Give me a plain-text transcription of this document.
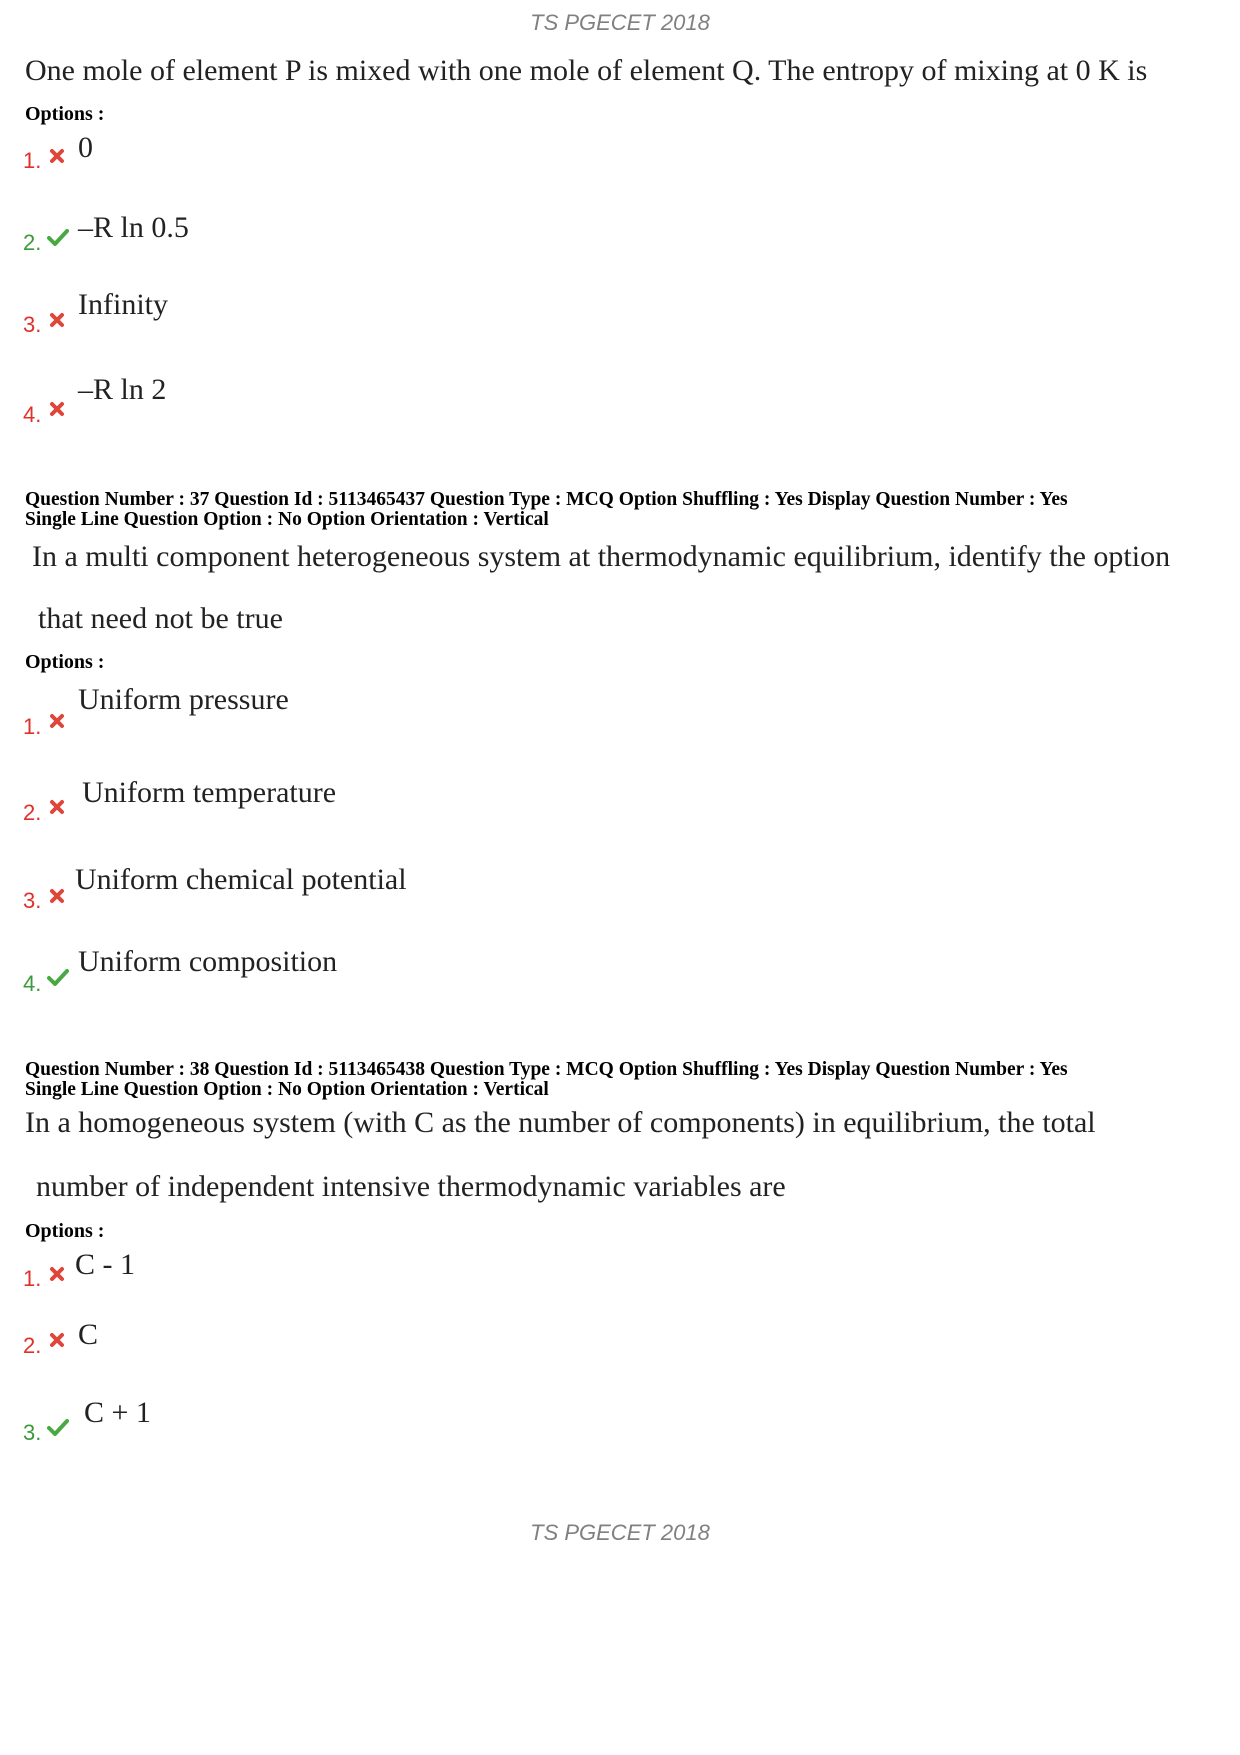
TS PGECET 2018
One mole of element P is mixed with one mole of element Q. The entropy of mixing at 0 K is
Options :
1. 0
2. –R ln 0.5
3.
Infinity
4.
–R ln 2
Question Number : 37 Question Id : 5113465437 Question Type : MCQ Option Shuffling : Yes Display Question Number : Yes
Single Line Question Option : No Option Orientation : Vertical
In a multi component heterogeneous system at thermodynamic equilibrium, identify the option
that need not be true
Options :
1.
Uniform pressure
2.
Uniform temperature
3.
Uniform chemical potential
4.
Uniform composition
Question Number : 38 Question Id : 5113465438 Question Type : MCQ Option Shuffling : Yes Display Question Number : Yes
Single Line Question Option : No Option Orientation : Vertical
In a homogeneous system (with C as the number of components) in equilibrium, the total
number of independent intensive thermodynamic variables are
Options :
1. C - 1
2. C
3.
C + 1
TS PGECET 2018
